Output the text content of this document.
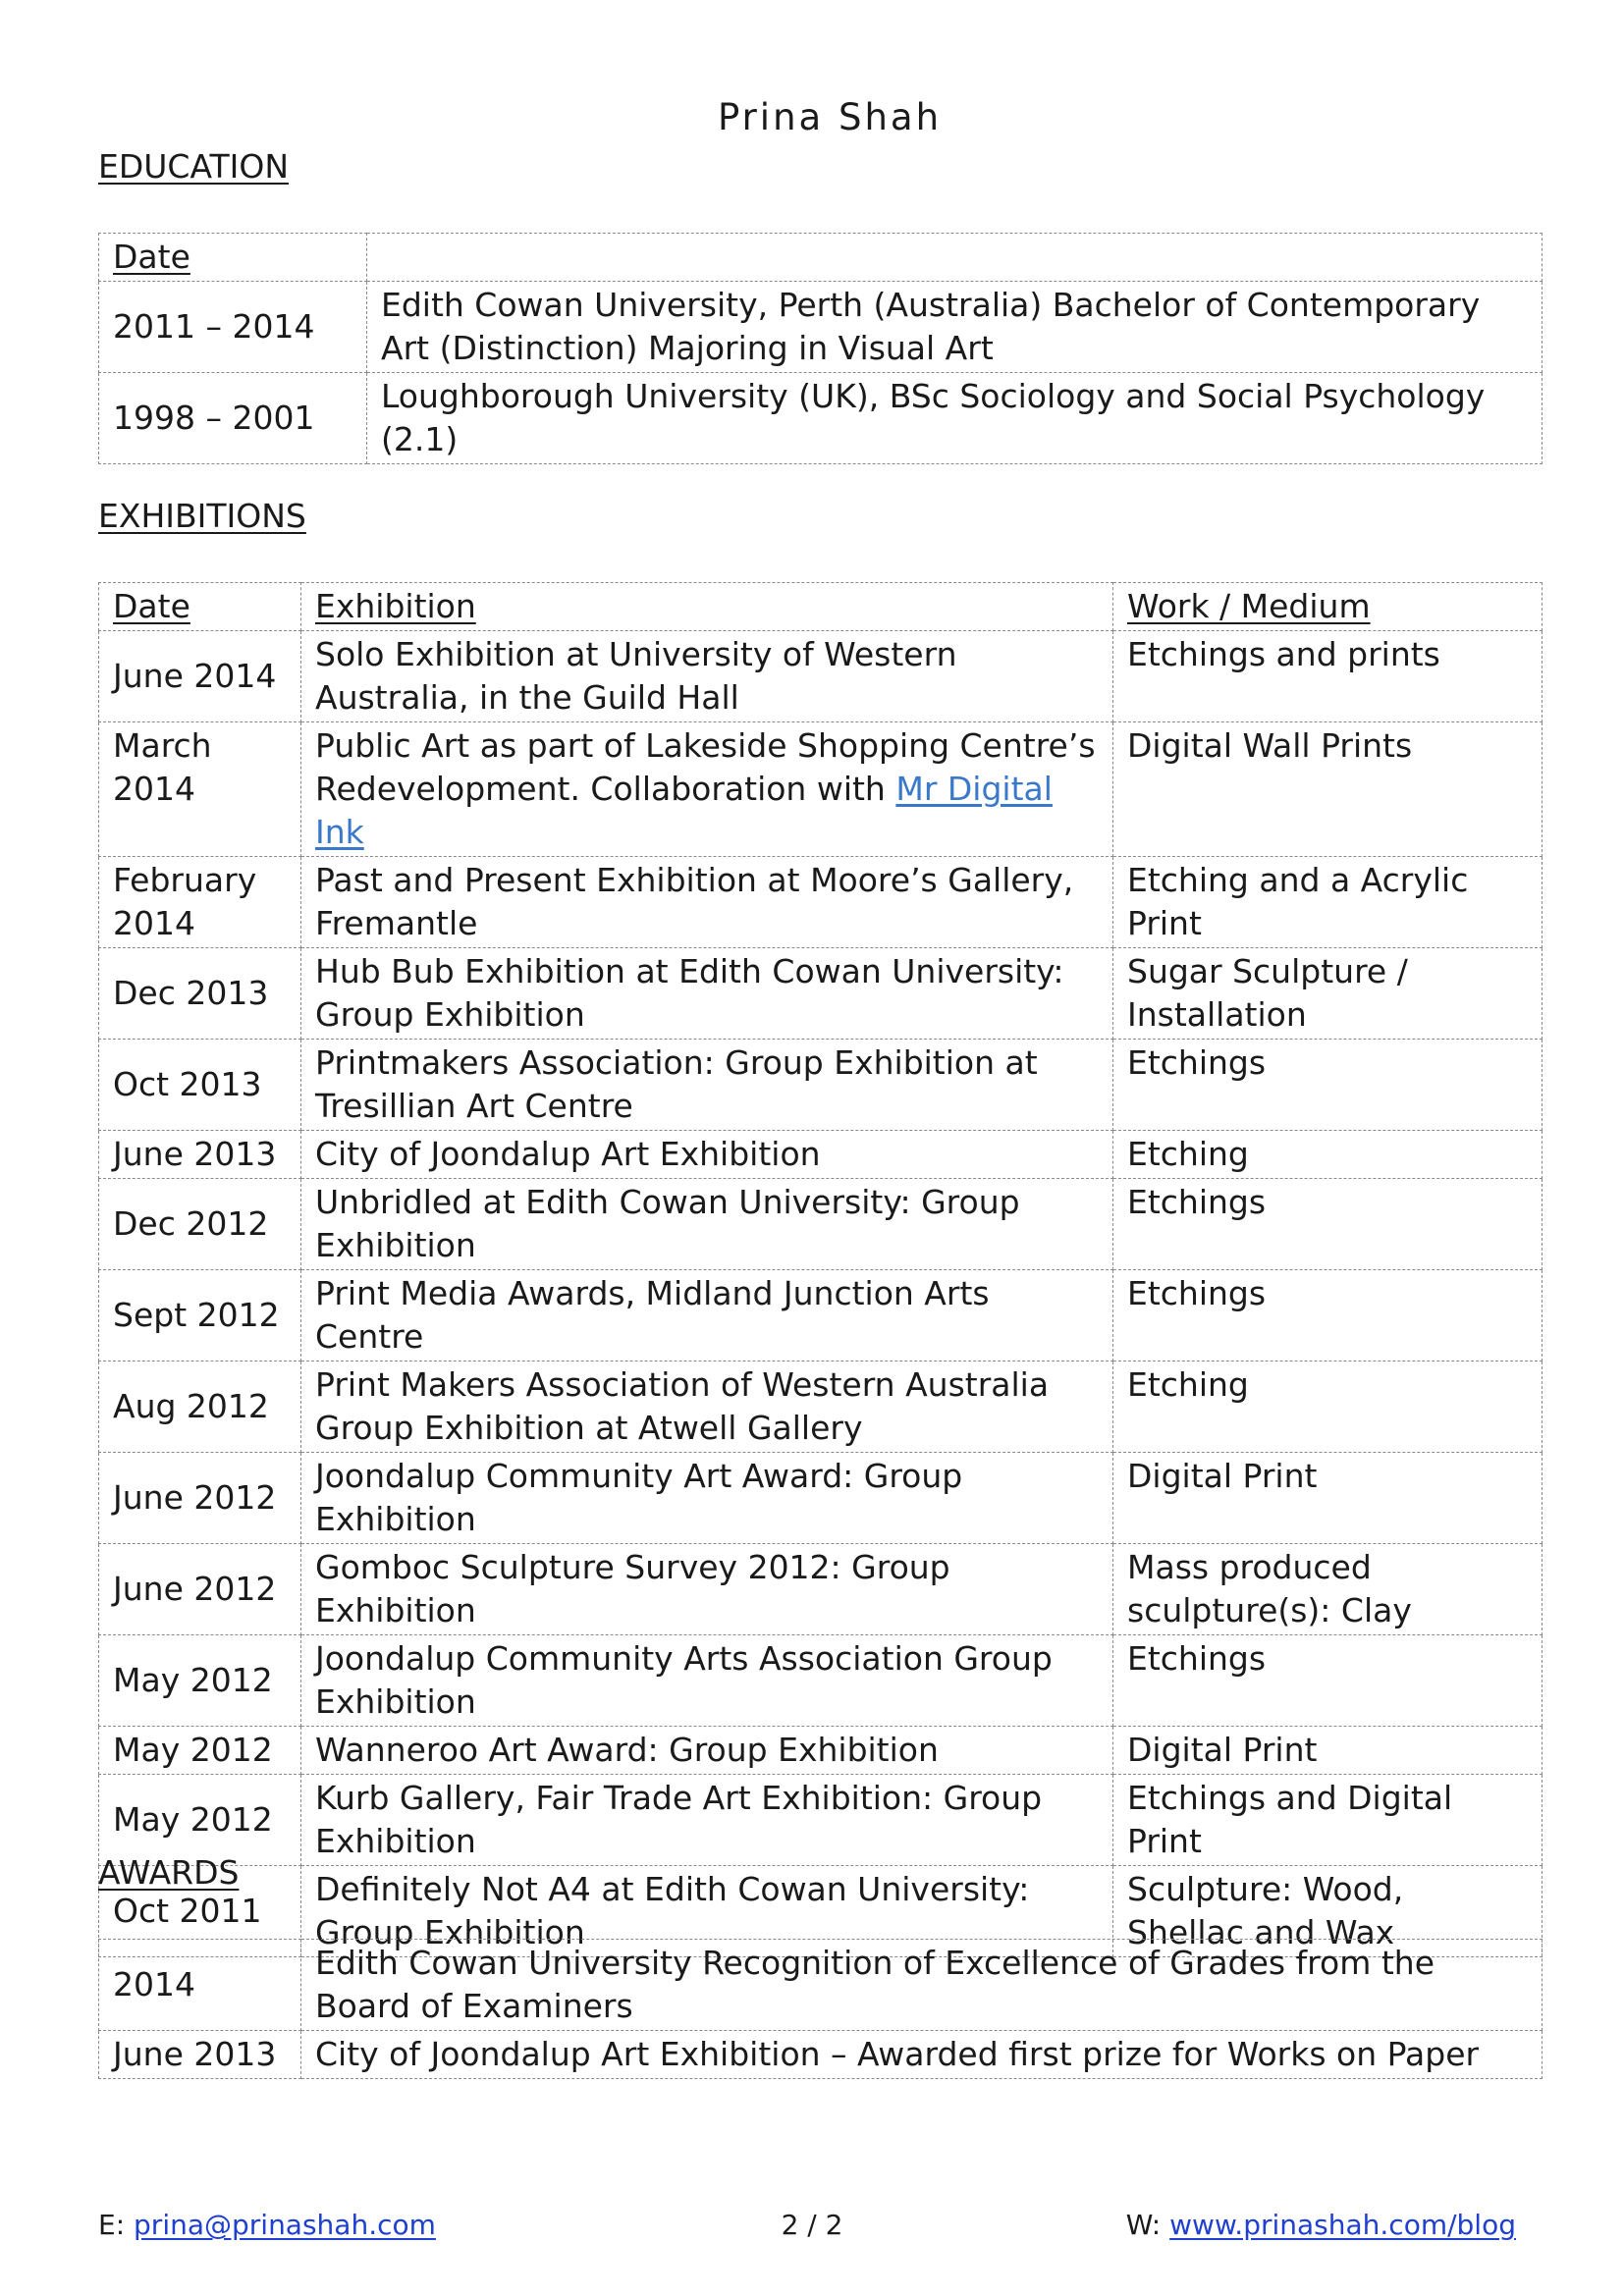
Prina Shah
EDUCATION
Date	
2011 – 2014	Edith Cowan University, Perth (Australia) Bachelor of Contemporary Art (Distinction) Majoring in Visual Art
1998 – 2001	Loughborough University (UK), BSc Sociology and Social Psychology (2.1)
EXHIBITIONS
Date	Exhibition	Work / Medium
June 2014	Solo Exhibition at University of Western Australia, in the Guild Hall	Etchings and prints
March 2014	Public Art as part of Lakeside Shopping Centre’s Redevelopment. Collaboration with Mr Digital Ink	Digital Wall Prints
February 2014	Past and Present Exhibition at Moore’s Gallery, Fremantle	Etching and a Acrylic Print
Dec 2013	Hub Bub Exhibition at Edith Cowan University: Group Exhibition	Sugar Sculpture / Installation
Oct 2013	Printmakers Association: Group Exhibition at Tresillian Art Centre	Etchings
June 2013	City of Joondalup Art Exhibition	Etching
Dec 2012	Unbridled at Edith Cowan University: Group Exhibition	Etchings
Sept 2012	Print Media Awards, Midland Junction Arts Centre	Etchings
Aug 2012	Print Makers Association of Western Australia Group Exhibition at Atwell Gallery	Etching
June 2012	Joondalup Community Art Award: Group Exhibition	Digital Print
June 2012	Gomboc Sculpture Survey 2012: Group Exhibition	Mass produced sculpture(s): Clay
May 2012	Joondalup Community Arts Association Group Exhibition	Etchings
May 2012	Wanneroo Art Award: Group Exhibition	Digital Print
May 2012	Kurb Gallery, Fair Trade Art Exhibition: Group Exhibition	Etchings and Digital Print
Oct 2011	Definitely Not A4 at Edith Cowan University: Group Exhibition	Sculpture: Wood, Shellac and Wax
AWARDS
2014	Edith Cowan University Recognition of Excellence of Grades from the Board of Examiners
June 2013	City of Joondalup Art Exhibition – Awarded first prize for Works on Paper
E: prina@prinashah.com	2 / 2	W: www.prinashah.com/blog
